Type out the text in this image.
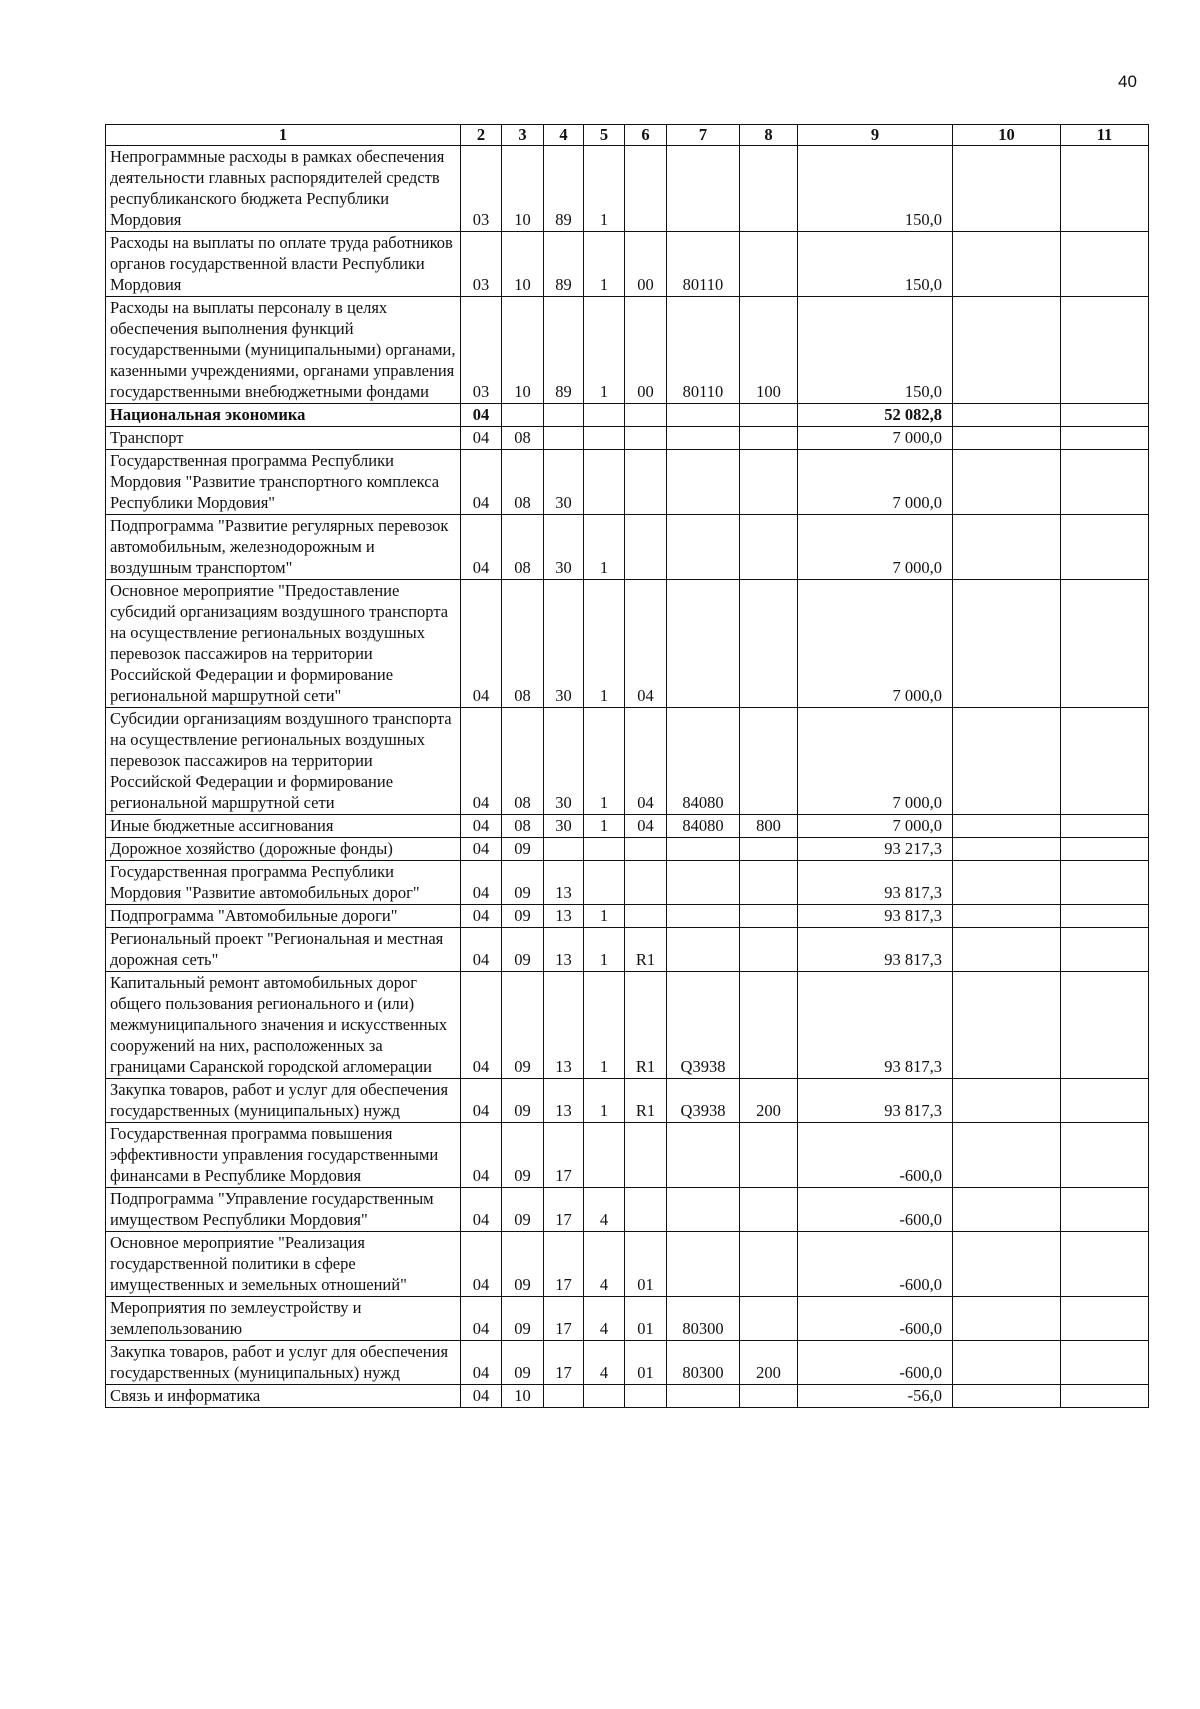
40
1	2	3	4	5	6	7	8	9	10	11
Непрограммные расходы в рамках обеспечения деятельности главных распорядителей средств республиканского бюджета Республики Мордовия	03	10	89	1				150,0		
Расходы на выплаты по оплате труда работников органов государственной власти Республики Мордовия	03	10	89	1	00	80110		150,0		
Расходы на выплаты персоналу в целях обеспечения выполнения функций государственными (муниципальными) органами, казенными учреждениями, органами управления государственными внебюджетными фондами	03	10	89	1	00	80110	100	150,0		
Национальная экономика	04							52 082,8		
Транспорт	04	08						7 000,0		
Государственная программа Республики Мордовия "Развитие транспортного комплекса Республики Мордовия"	04	08	30					7 000,0		
Подпрограмма "Развитие регулярных перевозок автомобильным, железнодорожным и воздушным транспортом"	04	08	30	1				7 000,0		
Основное мероприятие "Предоставление субсидий организациям воздушного транспорта на осуществление региональных воздушных перевозок пассажиров на территории Российской Федерации и формирование региональной маршрутной сети"	04	08	30	1	04			7 000,0		
Субсидии организациям воздушного транспорта на осуществление региональных воздушных перевозок пассажиров на территории Российской Федерации и формирование региональной маршрутной сети	04	08	30	1	04	84080		7 000,0		
Иные бюджетные ассигнования	04	08	30	1	04	84080	800	7 000,0		
Дорожное хозяйство (дорожные фонды)	04	09						93 217,3		
Государственная программа Республики Мордовия "Развитие автомобильных дорог"	04	09	13					93 817,3		
Подпрограмма "Автомобильные дороги"	04	09	13	1				93 817,3		
Региональный проект "Региональная и местная дорожная сеть"	04	09	13	1	R1			93 817,3		
Капитальный ремонт автомобильных дорог общего пользования регионального и (или) межмуниципального значения и искусственных сооружений на них, расположенных за границами Саранской городской агломерации	04	09	13	1	R1	Q3938		93 817,3		
Закупка товаров, работ и услуг для обеспечения государственных (муниципальных) нужд	04	09	13	1	R1	Q3938	200	93 817,3		
Государственная программа повышения эффективности управления государственными финансами в Республике Мордовия	04	09	17					-600,0		
Подпрограмма "Управление государственным имуществом Республики Мордовия"	04	09	17	4				-600,0		
Основное мероприятие "Реализация государственной политики в сфере имущественных и земельных отношений"	04	09	17	4	01			-600,0		
Мероприятия по землеустройству и землепользованию	04	09	17	4	01	80300		-600,0		
Закупка товаров, работ и услуг для обеспечения государственных (муниципальных) нужд	04	09	17	4	01	80300	200	-600,0		
Связь и информатика	04	10						-56,0		
